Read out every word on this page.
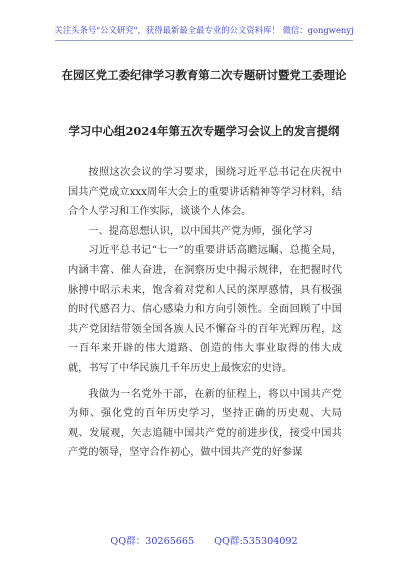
关注头条号"公文研究"，获得最新最全最专业的公文资料库！ 微信：gongwenyj
在园区党工委纪律学习教育第二次专题研讨暨党工委理论
学习中心组2024年第五次专题学习会议上的发言提纲

按照这次会议的学习要求，围绕习近平总书记在庆祝中国共产党成立xxx周年大会上的重要讲话精神等学习材料，结合个人学习和工作实际，谈谈个人体会。

一、提高思想认识，以中国共产党为师，强化学习

习近平总书记“七一”的重要讲话高瞻远瞩、总揽全局，内涵丰富、催人奋进，在洞察历史中揭示规律，在把握时代脉搏中昭示未来，饱含着对党和人民的深厚感情，具有极强的时代感召力、信心感染力和方向引领性。全面回顾了中国共产党团结带领全国各族人民不懈奋斗的百年光辉历程，这一百年来开辟的伟大道路、创造的伟大事业取得的伟大成就，书写了中华民族几千年历史上最恢宏的史诗。

我做为一名党外干部，在新的征程上，将以中国共产党为师、强化党的百年历史学习，坚持正确的历史观、大局观、发展观，矢志追随中国共产党的前进步伐，接受中国共产党的领导，坚守合作初心，做中国共产党的好参谋

QQ群：30265665 QQ群:535304092
